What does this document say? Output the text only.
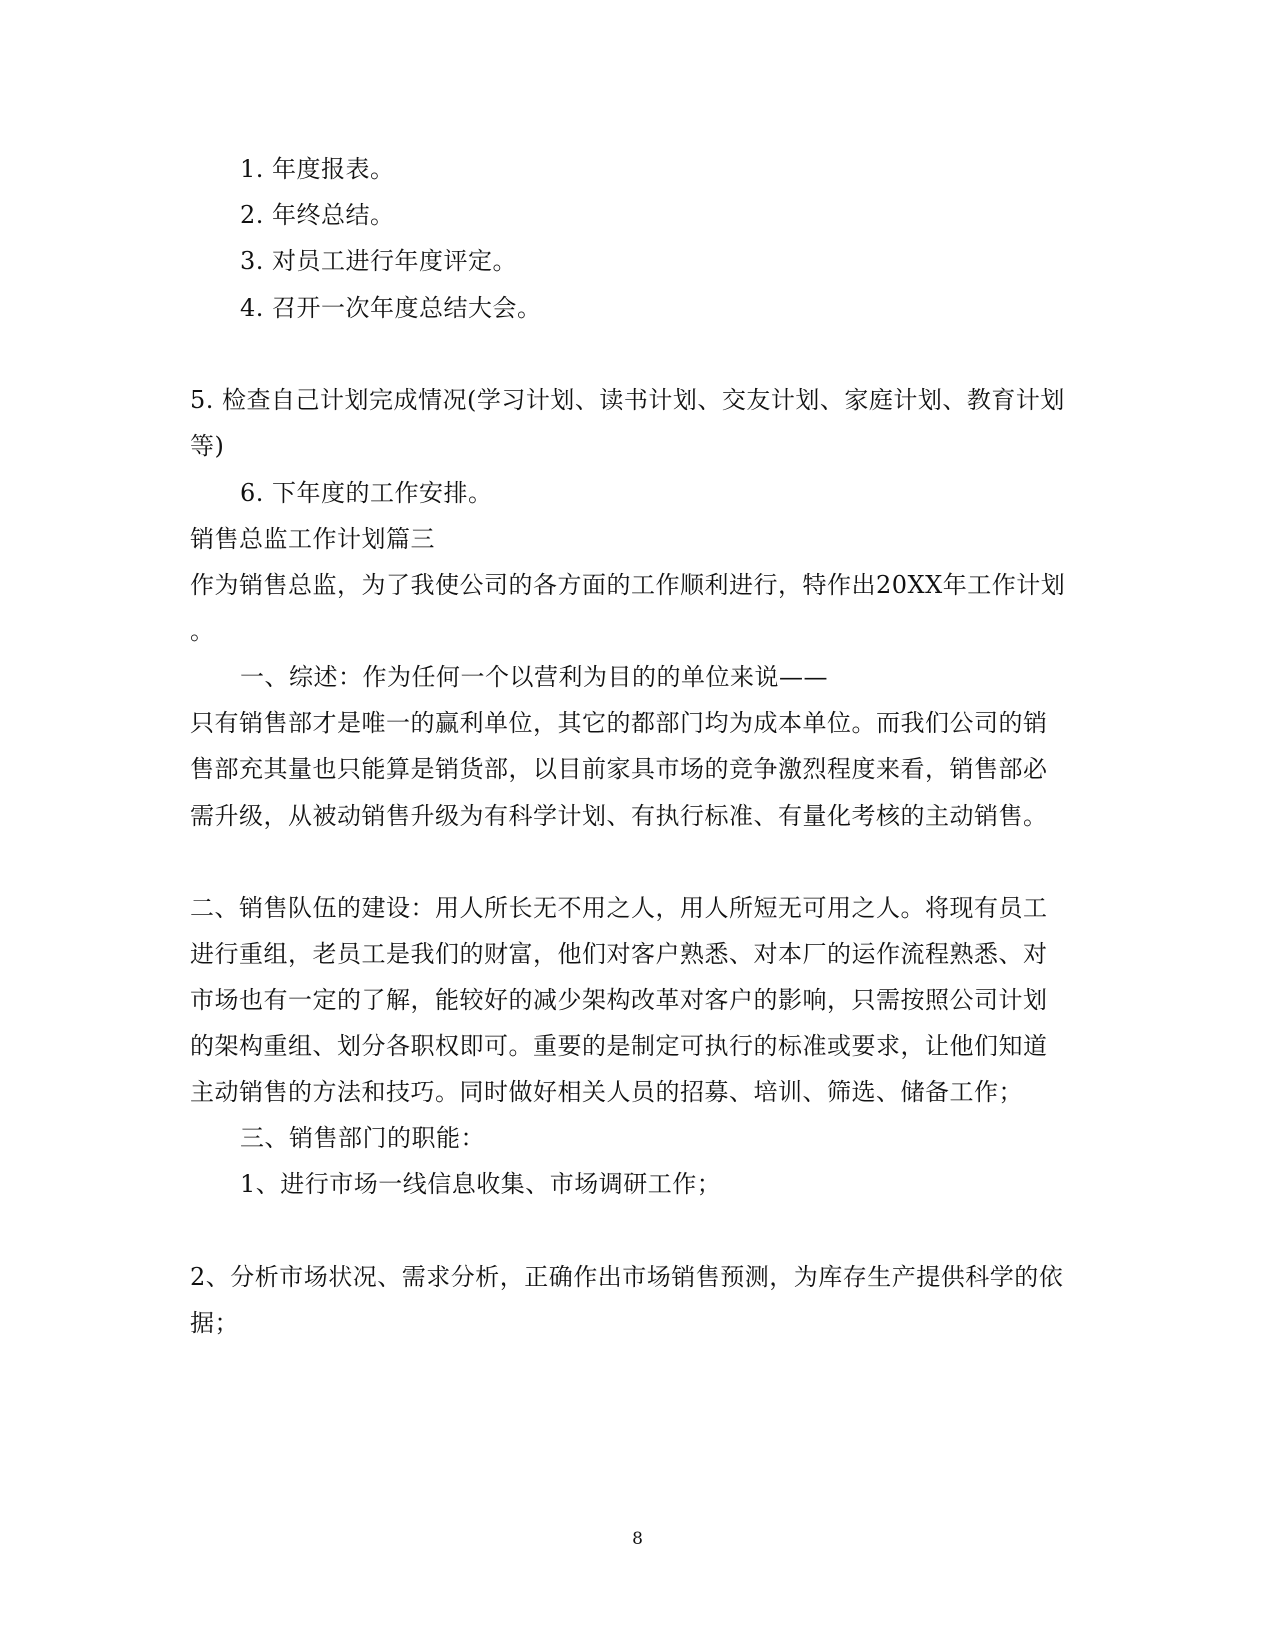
1. 年度报表。
2. 年终总结。
3. 对员工进行年度评定。
4. 召开一次年度总结大会。
5. 检查自己计划完成情况(学习计划、读书计划、交友计划、家庭计划、教育计划
等)
6. 下年度的工作安排。
销售总监工作计划篇三
作为销售总监，为了我使公司的各方面的工作顺利进行，特作出20XX年工作计划
。
一、综述：作为任何一个以营利为目的的单位来说——
只有销售部才是唯一的赢利单位，其它的都部门均为成本单位。而我们公司的销
售部充其量也只能算是销货部，以目前家具市场的竞争激烈程度来看，销售部必
需升级，从被动销售升级为有科学计划、有执行标准、有量化考核的主动销售。
二、销售队伍的建设：用人所长无不用之人，用人所短无可用之人。将现有员工
进行重组，老员工是我们的财富，他们对客户熟悉、对本厂的运作流程熟悉、对
市场也有一定的了解，能较好的减少架构改革对客户的影响，只需按照公司计划
的架构重组、划分各职权即可。重要的是制定可执行的标准或要求，让他们知道
主动销售的方法和技巧。同时做好相关人员的招募、培训、筛选、储备工作；
三、销售部门的职能：
1、进行市场一线信息收集、市场调研工作；
2、分析市场状况、需求分析，正确作出市场销售预测，为库存生产提供科学的依
据；
8
